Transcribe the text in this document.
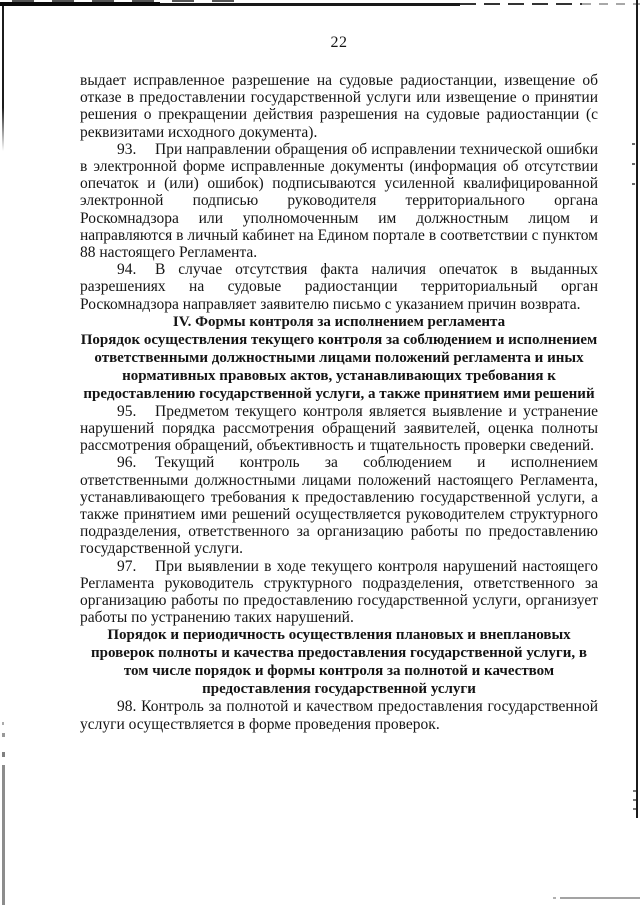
22

выдает исправленное разрешение на судовые радиостанции, извещение об отказе в предоставлении государственной услуги или извещение о принятии решения о прекращении действия разрешения на судовые радиостанции (с реквизитами исходного документа).

93. При направлении обращения об исправлении технической ошибки в электронной форме исправленные документы (информация об отсутствии опечаток и (или) ошибок) подписываются усиленной квалифицированной электронной подписью руководителя территориального органа Роскомнадзора или уполномоченным им должностным лицом и направляются в личный кабинет на Едином портале в соответствии с пунктом 88 настоящего Регламента.

94. В случае отсутствия факта наличия опечаток в выданных разрешениях на судовые радиостанции территориальный орган Роскомнадзора направляет заявителю письмо с указанием причин возврата.

IV. Формы контроля за исполнением регламента

Порядок осуществления текущего контроля за соблюдением и исполнением ответственными должностными лицами положений регламента и иных нормативных правовых актов, устанавливающих требования к предоставлению государственной услуги, а также принятием ими решений

95. Предметом текущего контроля является выявление и устранение нарушений порядка рассмотрения обращений заявителей, оценка полноты рассмотрения обращений, объективность и тщательность проверки сведений.

96. Текущий контроль за соблюдением и исполнением ответственными должностными лицами положений настоящего Регламента, устанавливающего требования к предоставлению государственной услуги, а также принятием ими решений осуществляется руководителем структурного подразделения, ответственного за организацию работы по предоставлению государственной услуги.

97. При выявлении в ходе текущего контроля нарушений настоящего Регламента руководитель структурного подразделения, ответственного за организацию работы по предоставлению государственной услуги, организует работы по устранению таких нарушений.

Порядок и периодичность осуществления плановых и внеплановых проверок полноты и качества предоставления государственной услуги, в том числе порядок и формы контроля за полнотой и качеством предоставления государственной услуги

98. Контроль за полнотой и качеством предоставления государственной услуги осуществляется в форме проведения проверок.
